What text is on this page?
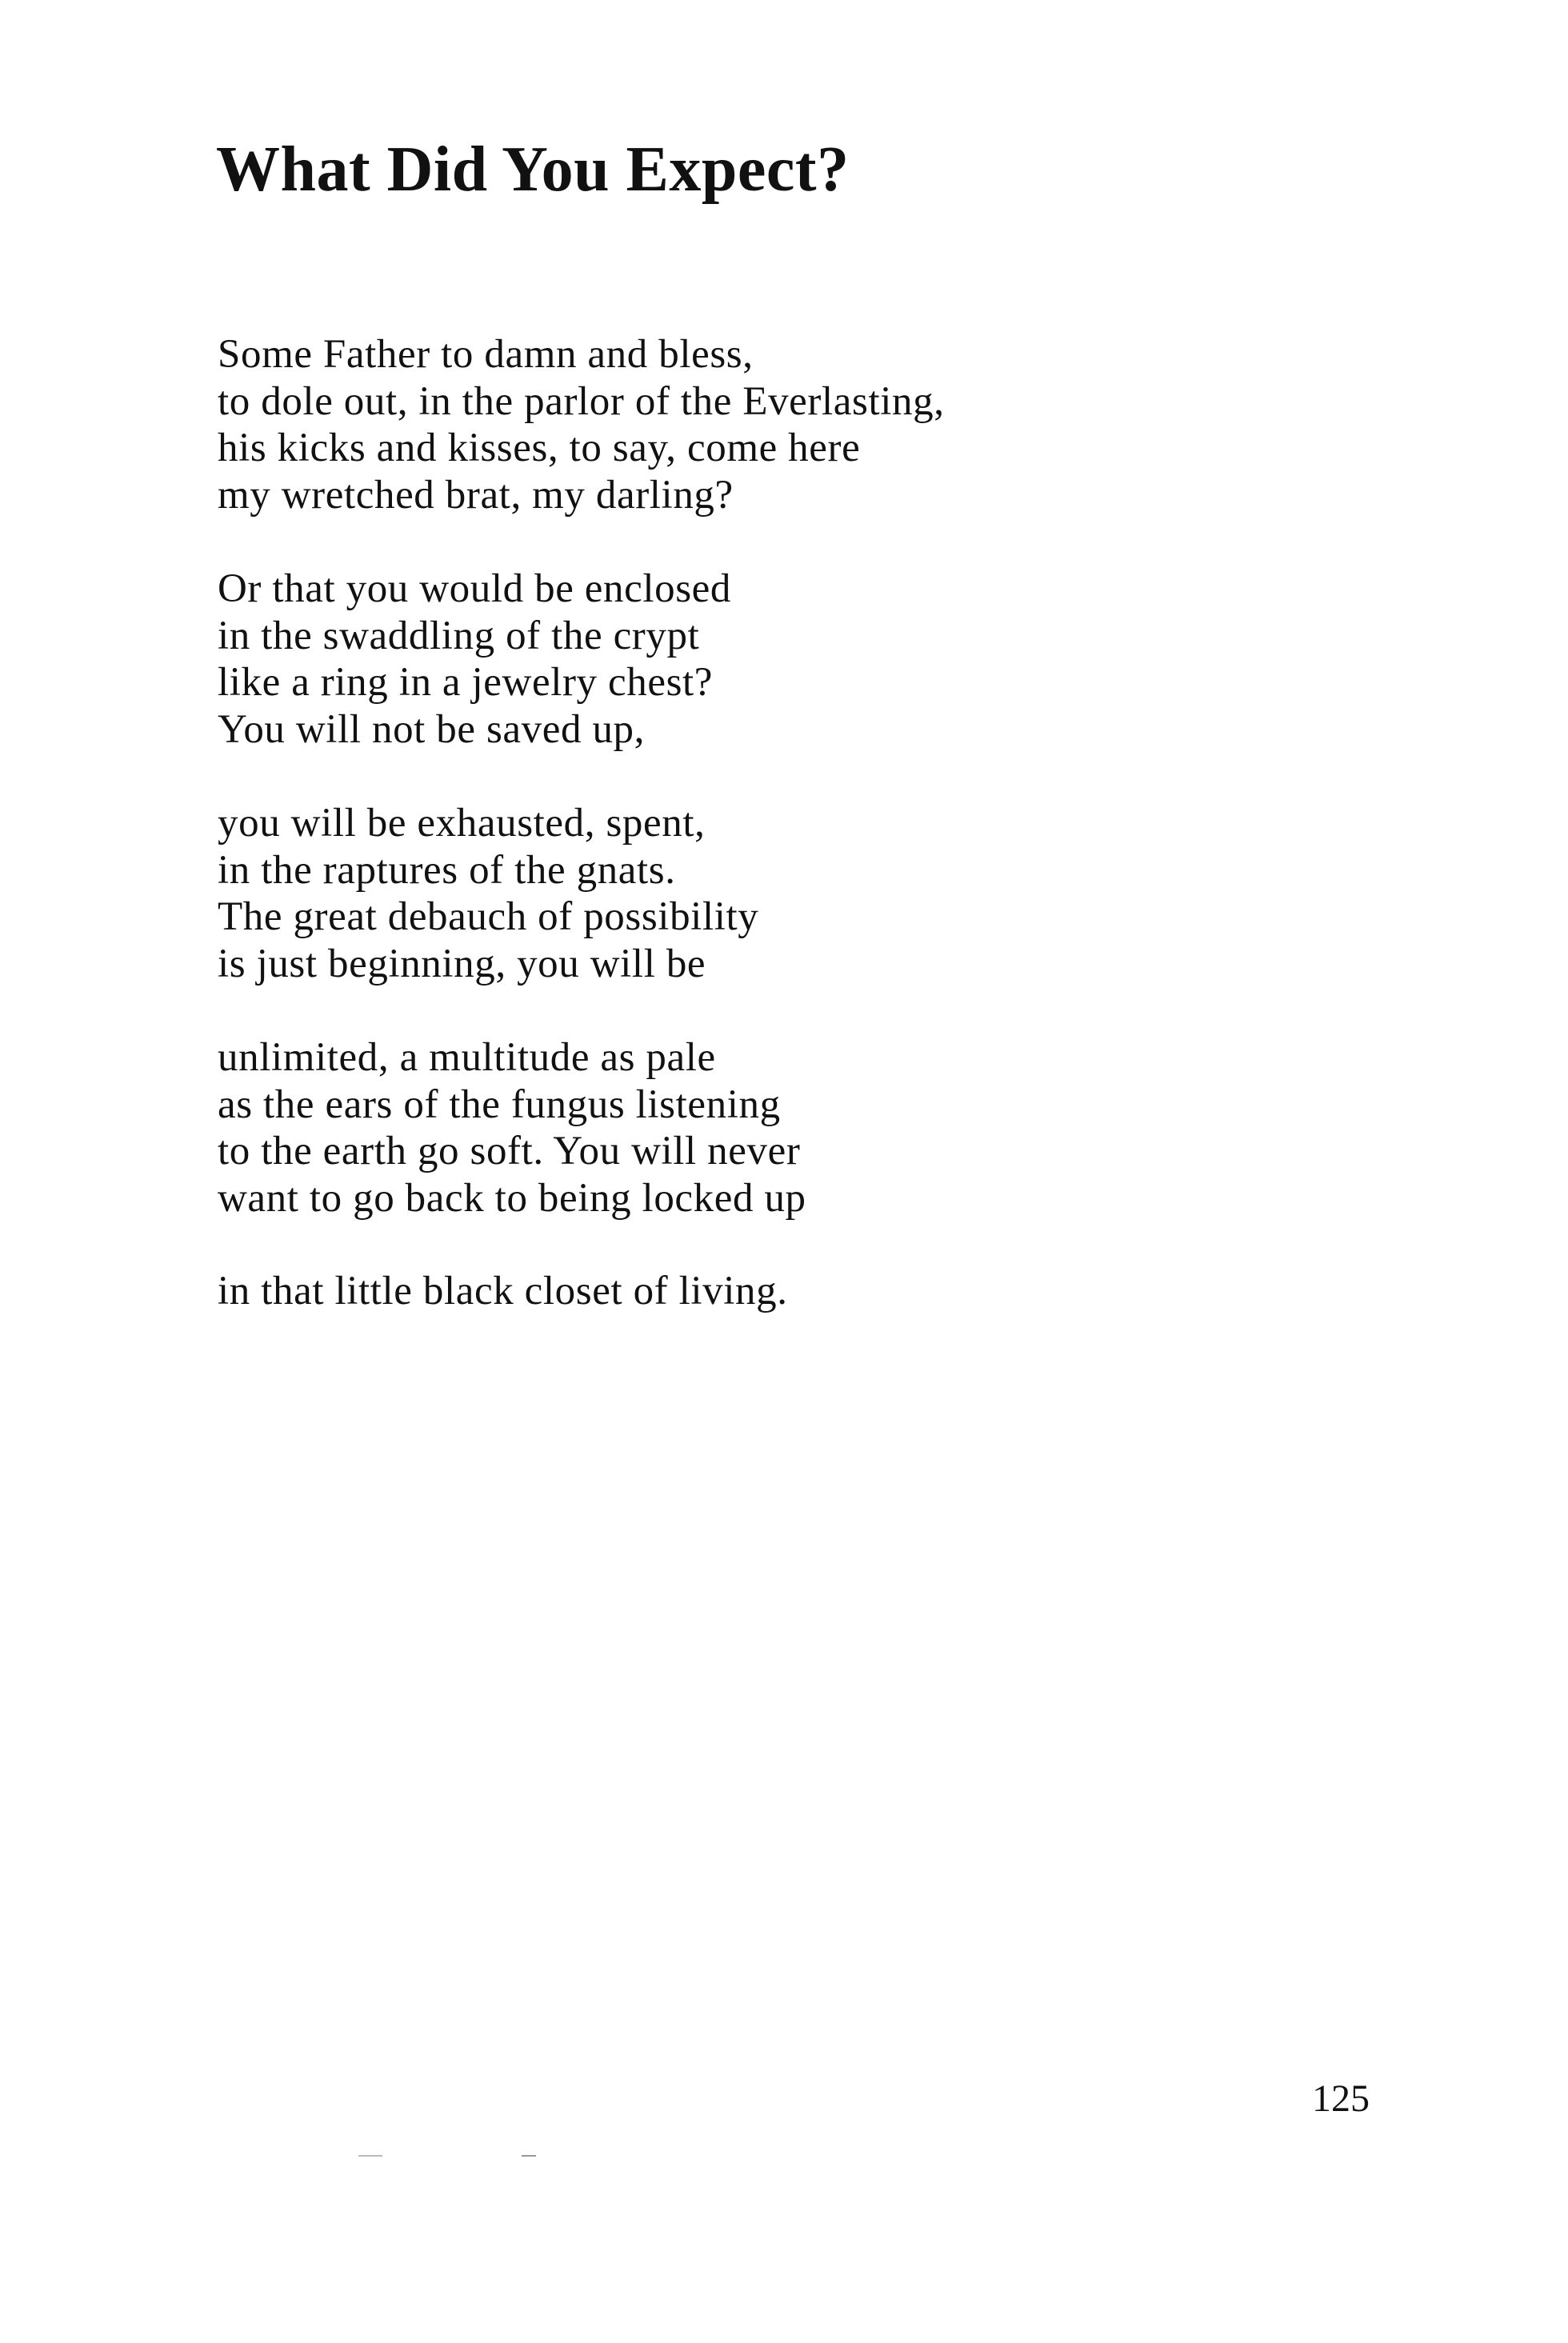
What Did You Expect?
Some Father to damn and bless,
to dole out, in the parlor of the Everlasting,
his kicks and kisses, to say, come here
my wretched brat, my darling?
Or that you would be enclosed
in the swaddling of the crypt
like a ring in a jewelry chest?
You will not be saved up,
you will be exhausted, spent,
in the raptures of the gnats.
The great debauch of possibility
is just beginning, you will be
unlimited, a multitude as pale
as the ears of the fungus listening
to the earth go soft. You will never
want to go back to being locked up
in that little black closet of living.

125
